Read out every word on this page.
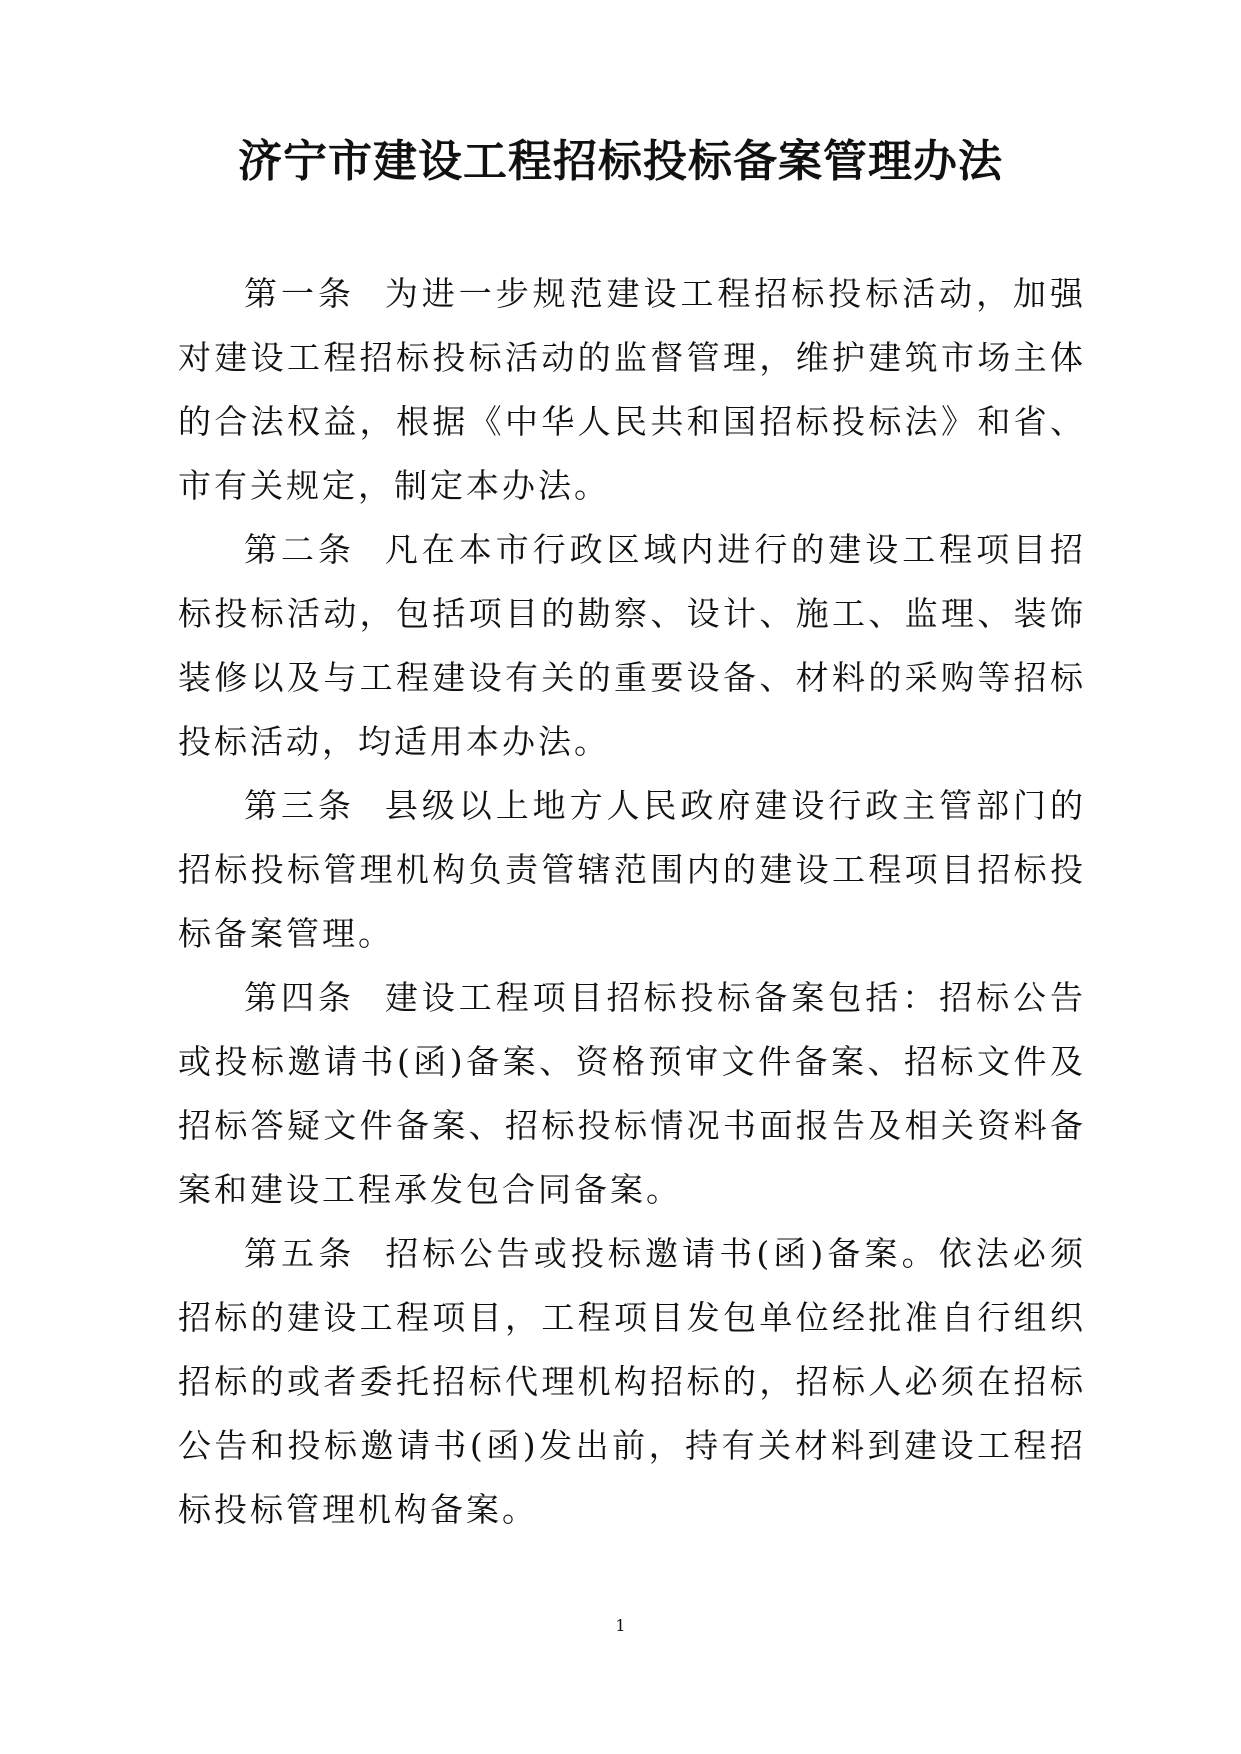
济宁市建设工程招标投标备案管理办法

第一条 为进一步规范建设工程招标投标活动，加强对建设工程招标投标活动的监督管理，维护建筑市场主体的合法权益，根据《中华人民共和国招标投标法》和省、市有关规定，制定本办法。

第二条 凡在本市行政区域内进行的建设工程项目招标投标活动，包括项目的勘察、设计、施工、监理、装饰装修以及与工程建设有关的重要设备、材料的采购等招标投标活动，均适用本办法。

第三条 县级以上地方人民政府建设行政主管部门的招标投标管理机构负责管辖范围内的建设工程项目招标投标备案管理。

第四条 建设工程项目招标投标备案包括：招标公告或投标邀请书(函)备案、资格预审文件备案、招标文件及招标答疑文件备案、招标投标情况书面报告及相关资料备案和建设工程承发包合同备案。

第五条 招标公告或投标邀请书(函)备案。依法必须招标的建设工程项目，工程项目发包单位经批准自行组织招标的或者委托招标代理机构招标的，招标人必须在招标公告和投标邀请书(函)发出前，持有关材料到建设工程招标投标管理机构备案。

1
